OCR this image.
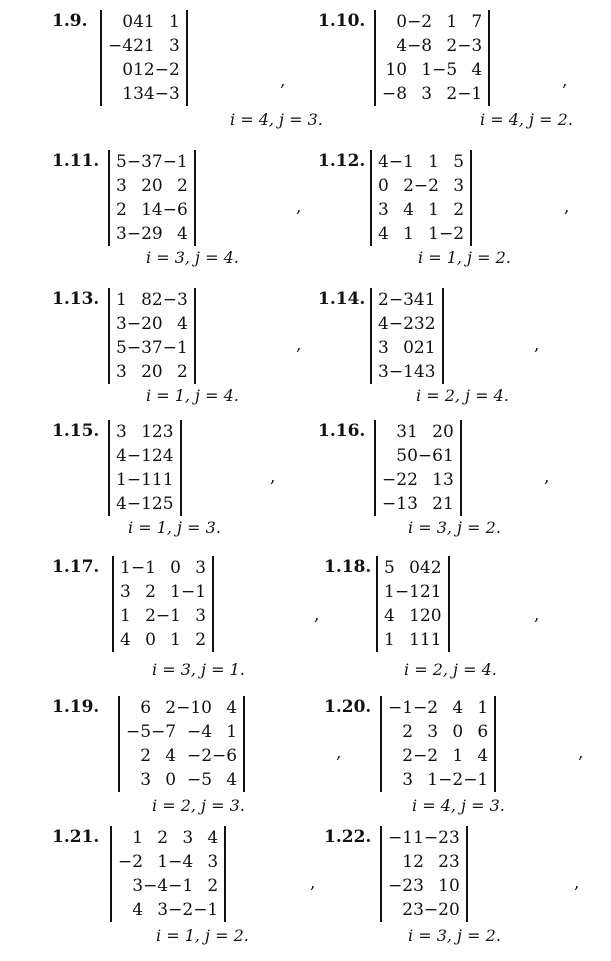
1.9. 0	4	1	1
−4	2	1	3
0	1	2	−2
1	3	4	−3
,
i = 4, j = 3.
1.10. 0	−2	1	7
4	−8	2	−3
10	1	−5	4
−8	3	2	−1
,
i = 4, j = 2.
1.11. 5	−3	7	−1
3	2	0	2
2	1	4	−6
3	−2	9	4
,
i = 3, j = 4.
1.12. 4	−1	1	5
0	2	−2	3
3	4	1	2
4	1	1	−2
,
i = 1, j = 2.
1.13. 1	8	2	−3
3	−2	0	4
5	−3	7	−1
3	2	0	2
,
i = 1, j = 4.
1.14. 2	−3	4	1
4	−2	3	2
3	0	2	1
3	−1	4	3
,
i = 2, j = 4.
1.15. 3	1	2	3
4	−1	2	4
1	−1	1	1
4	−1	2	5
,
i = 1, j = 3.
1.16. 3	1	2	0
5	0	−6	1
−2	2	1	3
−1	3	2	1
,
i = 3, j = 2.
1.17. 1	−1	0	3
3	2	1	−1
1	2	−1	3
4	0	1	2
,
i = 3, j = 1.
1.18. 5	0	4	2
1	−1	2	1
4	1	2	0
1	1	1	1
,
i = 2, j = 4.
1.19. 6	2	−10	4
−5	−7	−4	1
2	4	−2	−6
3	0	−5	4
,
i = 2, j = 3.
1.20. −1	−2	4	1
2	3	0	6
2	−2	1	4
3	1	−2	−1
,
i = 4, j = 3.
1.21. 1	2	3	4
−2	1	−4	3
3	−4	−1	2
4	3	−2	−1
,
i = 1, j = 2.
1.22. −1	1	−2	3
1	2	2	3
−2	3	1	0
2	3	−2	0
,
i = 3, j = 2.
